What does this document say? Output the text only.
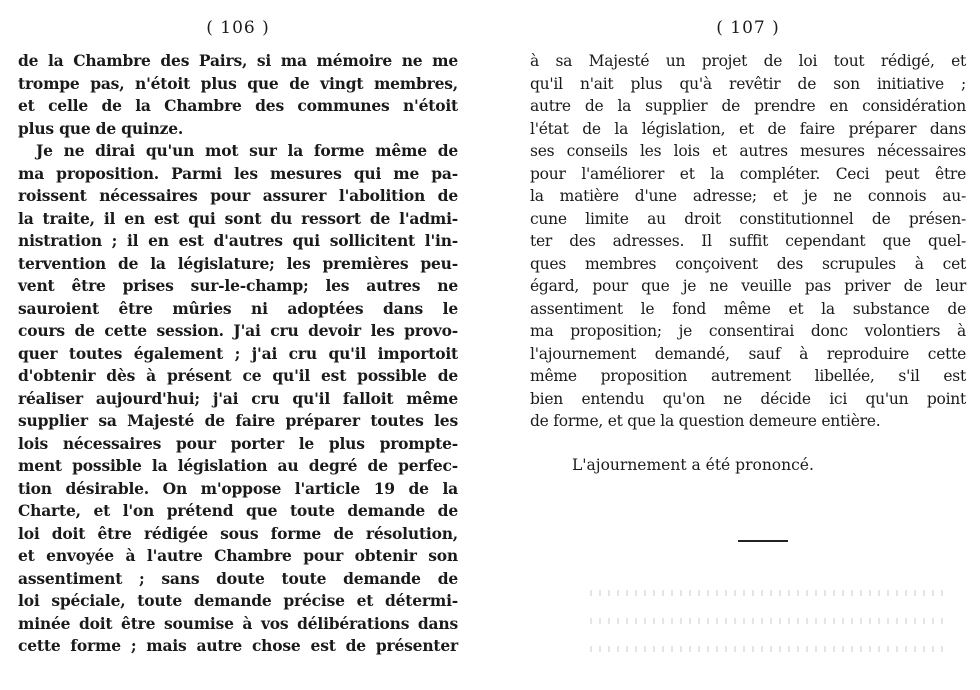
( 106 )
de la Chambre des Pairs, si ma mémoire ne me
trompe pas, n'étoit plus que de vingt membres,
et celle de la Chambre des communes n'étoit
plus que de quinze.
Je ne dirai qu'un mot sur la forme même de
ma proposition. Parmi les mesures qui me pa-
roissent nécessaires pour assurer l'abolition de
la traite, il en est qui sont du ressort de l'admi-
nistration ; il en est d'autres qui sollicitent l'in-
tervention de la législature; les premières peu-
vent être prises sur-le-champ; les autres ne
sauroient être mûries ni adoptées dans le
cours de cette session. J'ai cru devoir les provo-
quer toutes également ; j'ai cru qu'il importoit
d'obtenir dès à présent ce qu'il est possible de
réaliser aujourd'hui; j'ai cru qu'il falloit même
supplier sa Majesté de faire préparer toutes les
lois nécessaires pour porter le plus prompte-
ment possible la législation au degré de perfec-
tion désirable. On m'oppose l'article 19 de la
Charte, et l'on prétend que toute demande de
loi doit être rédigée sous forme de résolution,
et envoyée à l'autre Chambre pour obtenir son
assentiment ; sans doute toute demande de
loi spéciale, toute demande précise et détermi-
minée doit être soumise à vos délibérations dans
cette forme ; mais autre chose est de présenter
( 107 )
à sa Majesté un projet de loi tout rédigé, et
qu'il n'ait plus qu'à revêtir de son initiative ;
autre de la supplier de prendre en considération
l'état de la législation, et de faire préparer dans
ses conseils les lois et autres mesures nécessaires
pour l'améliorer et la compléter. Ceci peut être
la matière d'une adresse; et je ne connois au-
cune limite au droit constitutionnel de présen-
ter des adresses. Il suffit cependant que quel-
ques membres conçoivent des scrupules à cet
égard, pour que je ne veuille pas priver de leur
assentiment le fond même et la substance de
ma proposition; je consentirai donc volontiers à
l'ajournement demandé, sauf à reproduire cette
même proposition autrement libellée, s'il est
bien entendu qu'on ne décide ici qu'un point
de forme, et que la question demeure entière.
L'ajournement a été prononcé.
